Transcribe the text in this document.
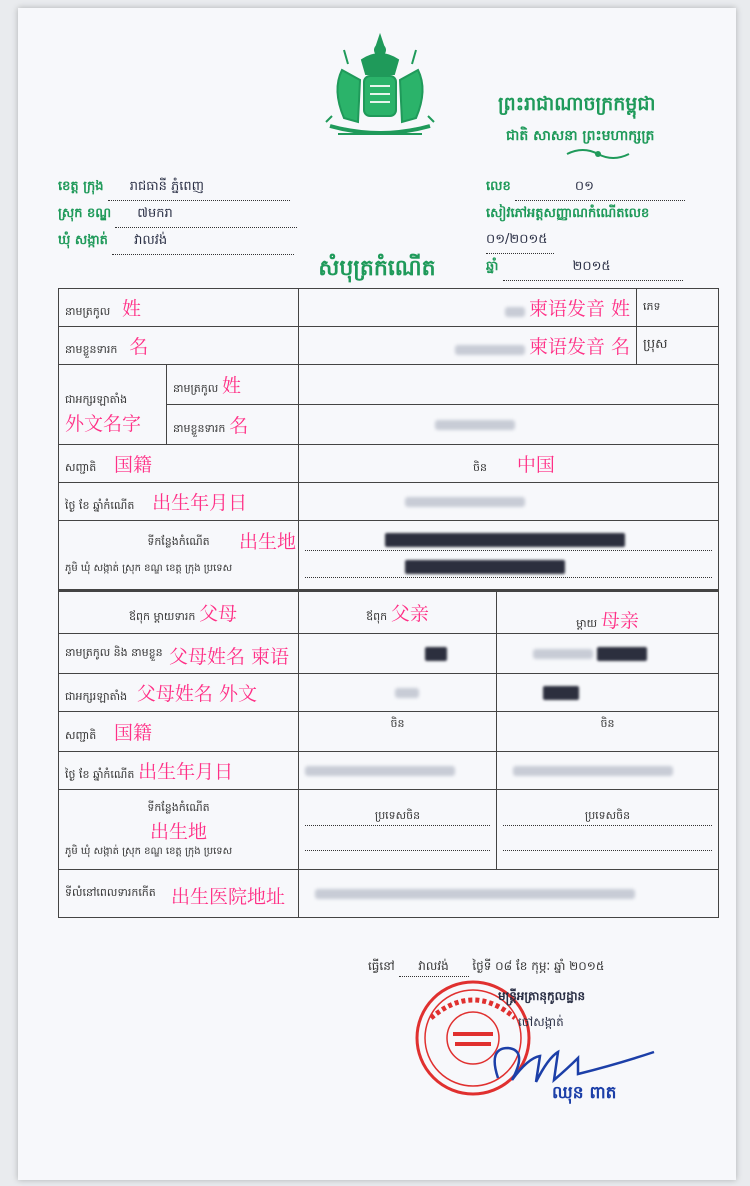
ព្រះរាជាណាចក្រកម្ពុជា
ជាតិ សាសនា ព្រះមហាក្សត្រ
ខេត្ត ក្រុង រាជធានី ភ្នំពេញ
ស្រុក ខណ្ឌ ៧មករា
ឃុំ សង្កាត់ វាលវង់
លេខ	០១
សៀវភៅអត្តសញ្ញាណកំណើតលេខ ០១/២០១៥
ឆ្នាំ	២០១៥
សំបុត្រកំណើត
នាមត្រកូល 姓		柬语发音 姓		ភេទ
នាមខ្លួនទារក 名		柬语发音 名		ប្រុស

ជាអក្សរឡាតាំង
外文名字	នាមត្រកូល 姓			
	នាមខ្លួនទារក 名			
សញ្ជាតិ 国籍		ចិន 中国		
ថ្ងៃ ខែ ឆ្នាំកំណើត 出生年月日				

ទីកន្លែងកំណើត 出生地
ភូមិ ឃុំ សង្កាត់ ស្រុក ខណ្ឌ ខេត្ត ក្រុង ប្រទេស				

ឪពុក ម្ដាយទារក 父母		ឪពុក 父亲	ម្ដាយ 母亲	
នាមត្រកូល និង នាមខ្លួន 父母姓名 柬语				

ជាអក្សរឡាតាំង 父母姓名 外文				
សញ្ជាតិ 国籍		ចិន	ចិន	
ថ្ងៃ ខែ ឆ្នាំកំណើត 出生年月日				

ទីកន្លែងកំណើត
出生地
ភូមិ ឃុំ សង្កាត់ ស្រុក ខណ្ឌ ខេត្ត ក្រុង ប្រទេស		ប្រទេសចិន	ប្រទេសចិន	

ទីលំនៅពេលទារកកើត 出生医院地址				

ធ្វើនៅ វាលវង់ ថ្ងៃទី ០៨ ខែ កុម្ភៈ ឆ្នាំ ២០១៥
មន្ត្រីអត្រានុកូលដ្ឋាន
ចៅសង្កាត់
ឈុន ពាត
